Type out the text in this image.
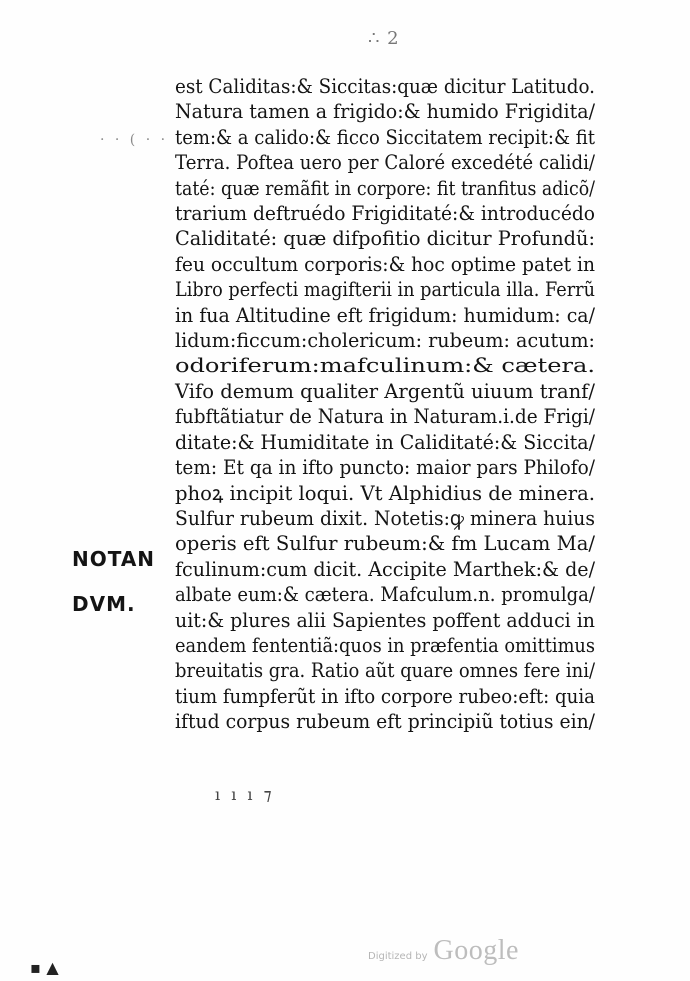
∴ 2
· · ( · ·
est Caliditas:& Siccitas:quæ dicitur Latitudo.
Natura tamen a frigido:& humido Frigidita/
tem:& a calido:& ficco Siccitatem recipit:& fit
Terra. Poftea uero per Caloré excedété calidi/
taté: quæ remãfit in corpore: fit tranfitus adicõ/
trarium deftruédo Frigiditaté:& introducédo
Caliditaté: quæ difpofitio dicitur Profundũ:
feu occultum corporis:& hoc optime patet in
Libro perfecti magifterii in particula illa. Ferrũ
in fua Altitudine eft frigidum: humidum: ca/
lidum:ficcum:cholericum: rubeum: acutum:
odoriferum:mafculinum:& cætera.
Vifo demum qualiter Argentũ uiuum tranf/
fubftãtiatur de Natura in Naturam.i.de Frigi/
ditate:& Humiditate in Caliditaté:& Siccita/
tem: Et qa in ifto puncto: maior pars Philofo/
phoꝝ incipit loqui. Vt Alphidius de minera.
Sulfur rubeum dixit. Notetis:ꝙ minera huius
operis eft Sulfur rubeum:& fm Lucam Ma/
fculinum:cum dicit. Accipite Marthek:& de/
albate eum:& cætera. Mafculum.n. promulga/
uit:& plures alii Sapientes poffent adduci in
eandem fententiã:quos in præfentia omittimus
breuitatis gra. Ratio aũt quare omnes fere ini/
tium fumpferũt in ifto corpore rubeo:eft: quia
iftud corpus rubeum eft principiũ totius ein/
NOTAN
DVM.
ı ı ı ⁊
Digitized by Google
▪ ▲
